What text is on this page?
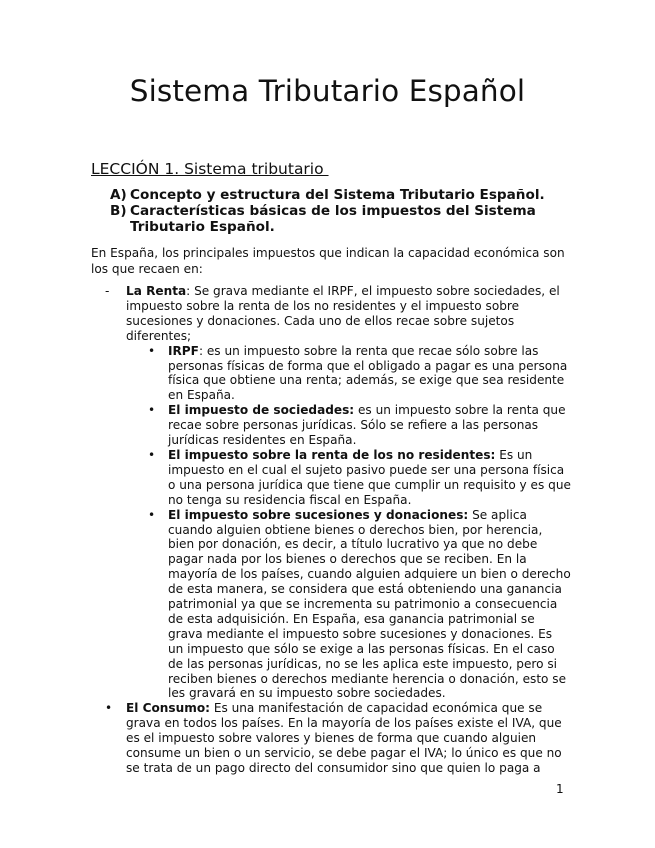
Sistema Tributario Español
LECCIÓN 1. Sistema tributario
A) Concepto y estructura del Sistema Tributario Español.
B) Características básicas de los impuestos del Sistema Tributario Español.
En España, los principales impuestos que indican la capacidad económica son los que recaen en:
-	La Renta: Se grava mediante el IRPF, el impuesto sobre sociedades, el impuesto sobre la renta de los no residentes y el impuesto sobre sucesiones y donaciones. Cada uno de ellos recae sobre sujetos diferentes;
•	IRPF: es un impuesto sobre la renta que recae sólo sobre las personas físicas de forma que el obligado a pagar es una persona física que obtiene una renta; además, se exige que sea residente en España.
•	El impuesto de sociedades: es un impuesto sobre la renta que recae sobre personas jurídicas. Sólo se refiere a las personas jurídicas residentes en España.
•	El impuesto sobre la renta de los no residentes: Es un impuesto en el cual el sujeto pasivo puede ser una persona física o una persona jurídica que tiene que cumplir un requisito y es que no tenga su residencia fiscal en España.
•	El impuesto sobre sucesiones y donaciones: Se aplica cuando alguien obtiene bienes o derechos bien, por herencia, bien por donación, es decir, a título lucrativo ya que no debe pagar nada por los bienes o derechos que se reciben. En la mayoría de los países, cuando alguien adquiere un bien o derecho de esta manera, se considera que está obteniendo una ganancia patrimonial ya que se incrementa su patrimonio a consecuencia de esta adquisición. En España, esa ganancia patrimonial se grava mediante el impuesto sobre sucesiones y donaciones. Es un impuesto que sólo se exige a las personas físicas. En el caso de las personas jurídicas, no se les aplica este impuesto, pero si reciben bienes o derechos mediante herencia o donación, esto se les gravará en su impuesto sobre sociedades.
•	El Consumo: Es una manifestación de capacidad económica que se grava en todos los países. En la mayoría de los países existe el IVA, que es el impuesto sobre valores y bienes de forma que cuando alguien consume un bien o un servicio, se debe pagar el IVA; lo único es que no se trata de un pago directo del consumidor sino que quien lo paga a
1
